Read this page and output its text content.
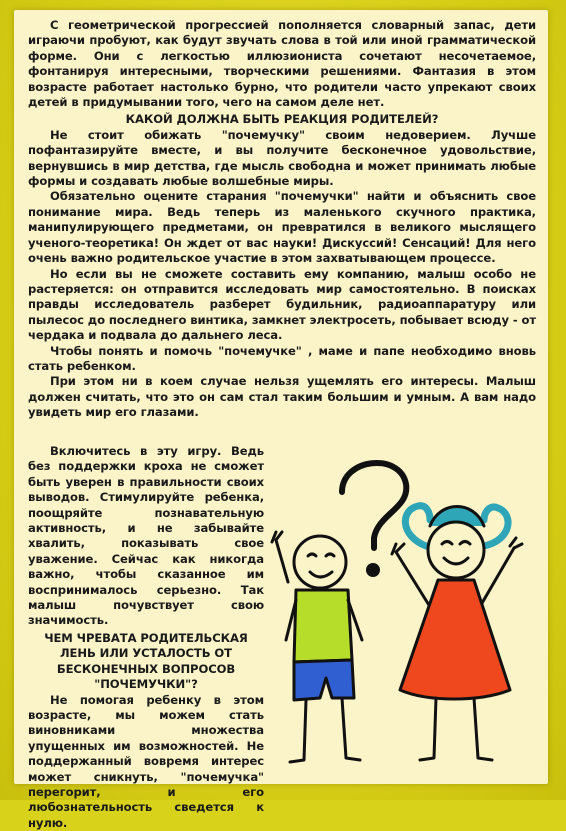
С геометрической прогрессией пополняется словарный запас, дети играючи пробуют, как будут звучать слова в той или иной грамматической форме. Они с легкостью иллюзиониста сочетают несочетаемое, фонтанируя интересными, творческими решениями. Фантазия в этом возрасте работает настолько бурно, что родители часто упрекают своих детей в придумывании того, чего на самом деле нет.

КАКОЙ ДОЛЖНА БЫТЬ РЕАКЦИЯ РОДИТЕЛЕЙ?

Не стоит обижать "почемучку" своим недоверием. Лучше пофантазируйте вместе, и вы получите бесконечное удовольствие, вернувшись в мир детства, где мысль свободна и может принимать любые формы и создавать любые волшебные миры.

Обязательно оцените старания "почемучки" найти и объяснить свое понимание мира. Ведь теперь из маленького скучного практика, манипулирующего предметами, он превратился в великого мыслящего ученого-теоретика! Он ждет от вас науки! Дискуссий! Сенсаций! Для него очень важно родительское участие в этом захватывающем процессе.

Но если вы не сможете составить ему компанию, малыш особо не растеряется: он отправится исследовать мир самостоятельно. В поисках правды исследователь разберет будильник, радиоаппаратуру или пылесос до последнего винтика, замкнет электросеть, побывает всюду - от чердака и подвала до дальнего леса.

Чтобы понять и помочь "почемучке" , маме и папе необходимо вновь стать ребенком.

При этом ни в коем случае нельзя ущемлять его интересы. Малыш должен считать, что это он сам стал таким большим и умным. А вам надо увидеть мир его глазами.

Включитесь в эту игру. Ведь без поддержки кроха не сможет быть уверен в правильности своих выводов. Стимулируйте ребенка, поощряйте познавательную активность, и не забывайте хвалить, показывать свое уважение. Сейчас как никогда важно, чтобы сказанное им воспринималось серьезно. Так малыш почувствует свою значимость.

ЧЕМ ЧРЕВАТА РОДИТЕЛЬСКАЯ ЛЕНЬ ИЛИ УСТАЛОСТЬ ОТ БЕСКОНЕЧНЫХ ВОПРОСОВ "ПОЧЕМУЧКИ"?

Не помогая ребенку в этом возрасте, мы можем стать виновниками множества упущенных им возможностей. Не поддержанный вовремя интерес может сникнуть, "почемучка" перегорит, и его любознательность сведется к нулю.
